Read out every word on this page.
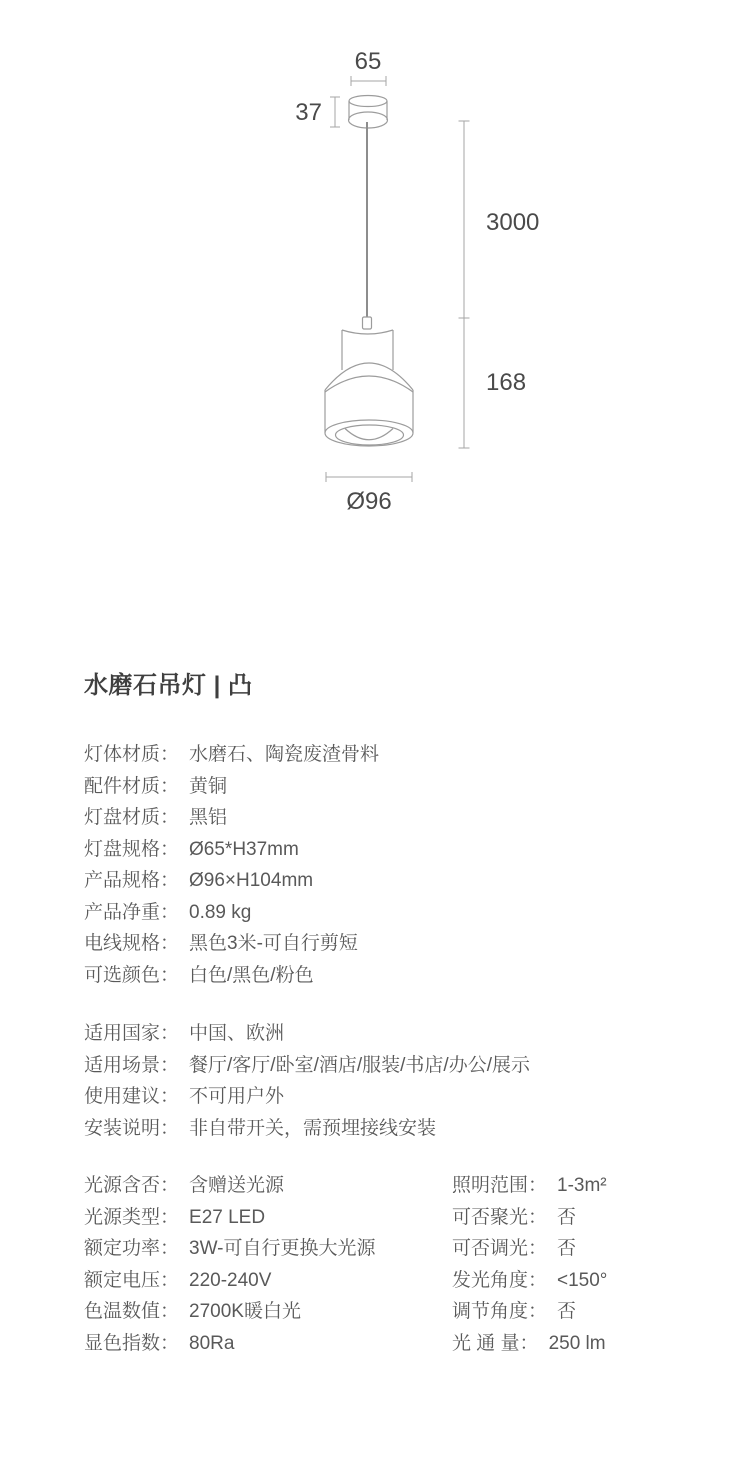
65
37
3000
168
Ø96
水磨石吊灯 | 凸
灯体材质： 水磨石、陶瓷废渣骨料
配件材质： 黄铜
灯盘材质： 黑铝
灯盘规格： Ø65*H37mm
产品规格： Ø96×H104mm
产品净重： 0.89 kg
电线规格： 黑色3米-可自行剪短
可选颜色： 白色/黑色/粉色
适用国家： 中国、欧洲
适用场景： 餐厅/客厅/卧室/酒店/服装/书店/办公/展示
使用建议： 不可用户外
安装说明： 非自带开关，需预埋接线安装
光源含否： 含赠送光源
光源类型： E27 LED
额定功率： 3W-可自行更换大光源
额定电压： 220-240V
色温数值： 2700K暖白光
显色指数： 80Ra
照明范围： 1-3m²
可否聚光： 否
可否调光： 否
发光角度： <150°
调节角度： 否
光 通 量： 250 lm
